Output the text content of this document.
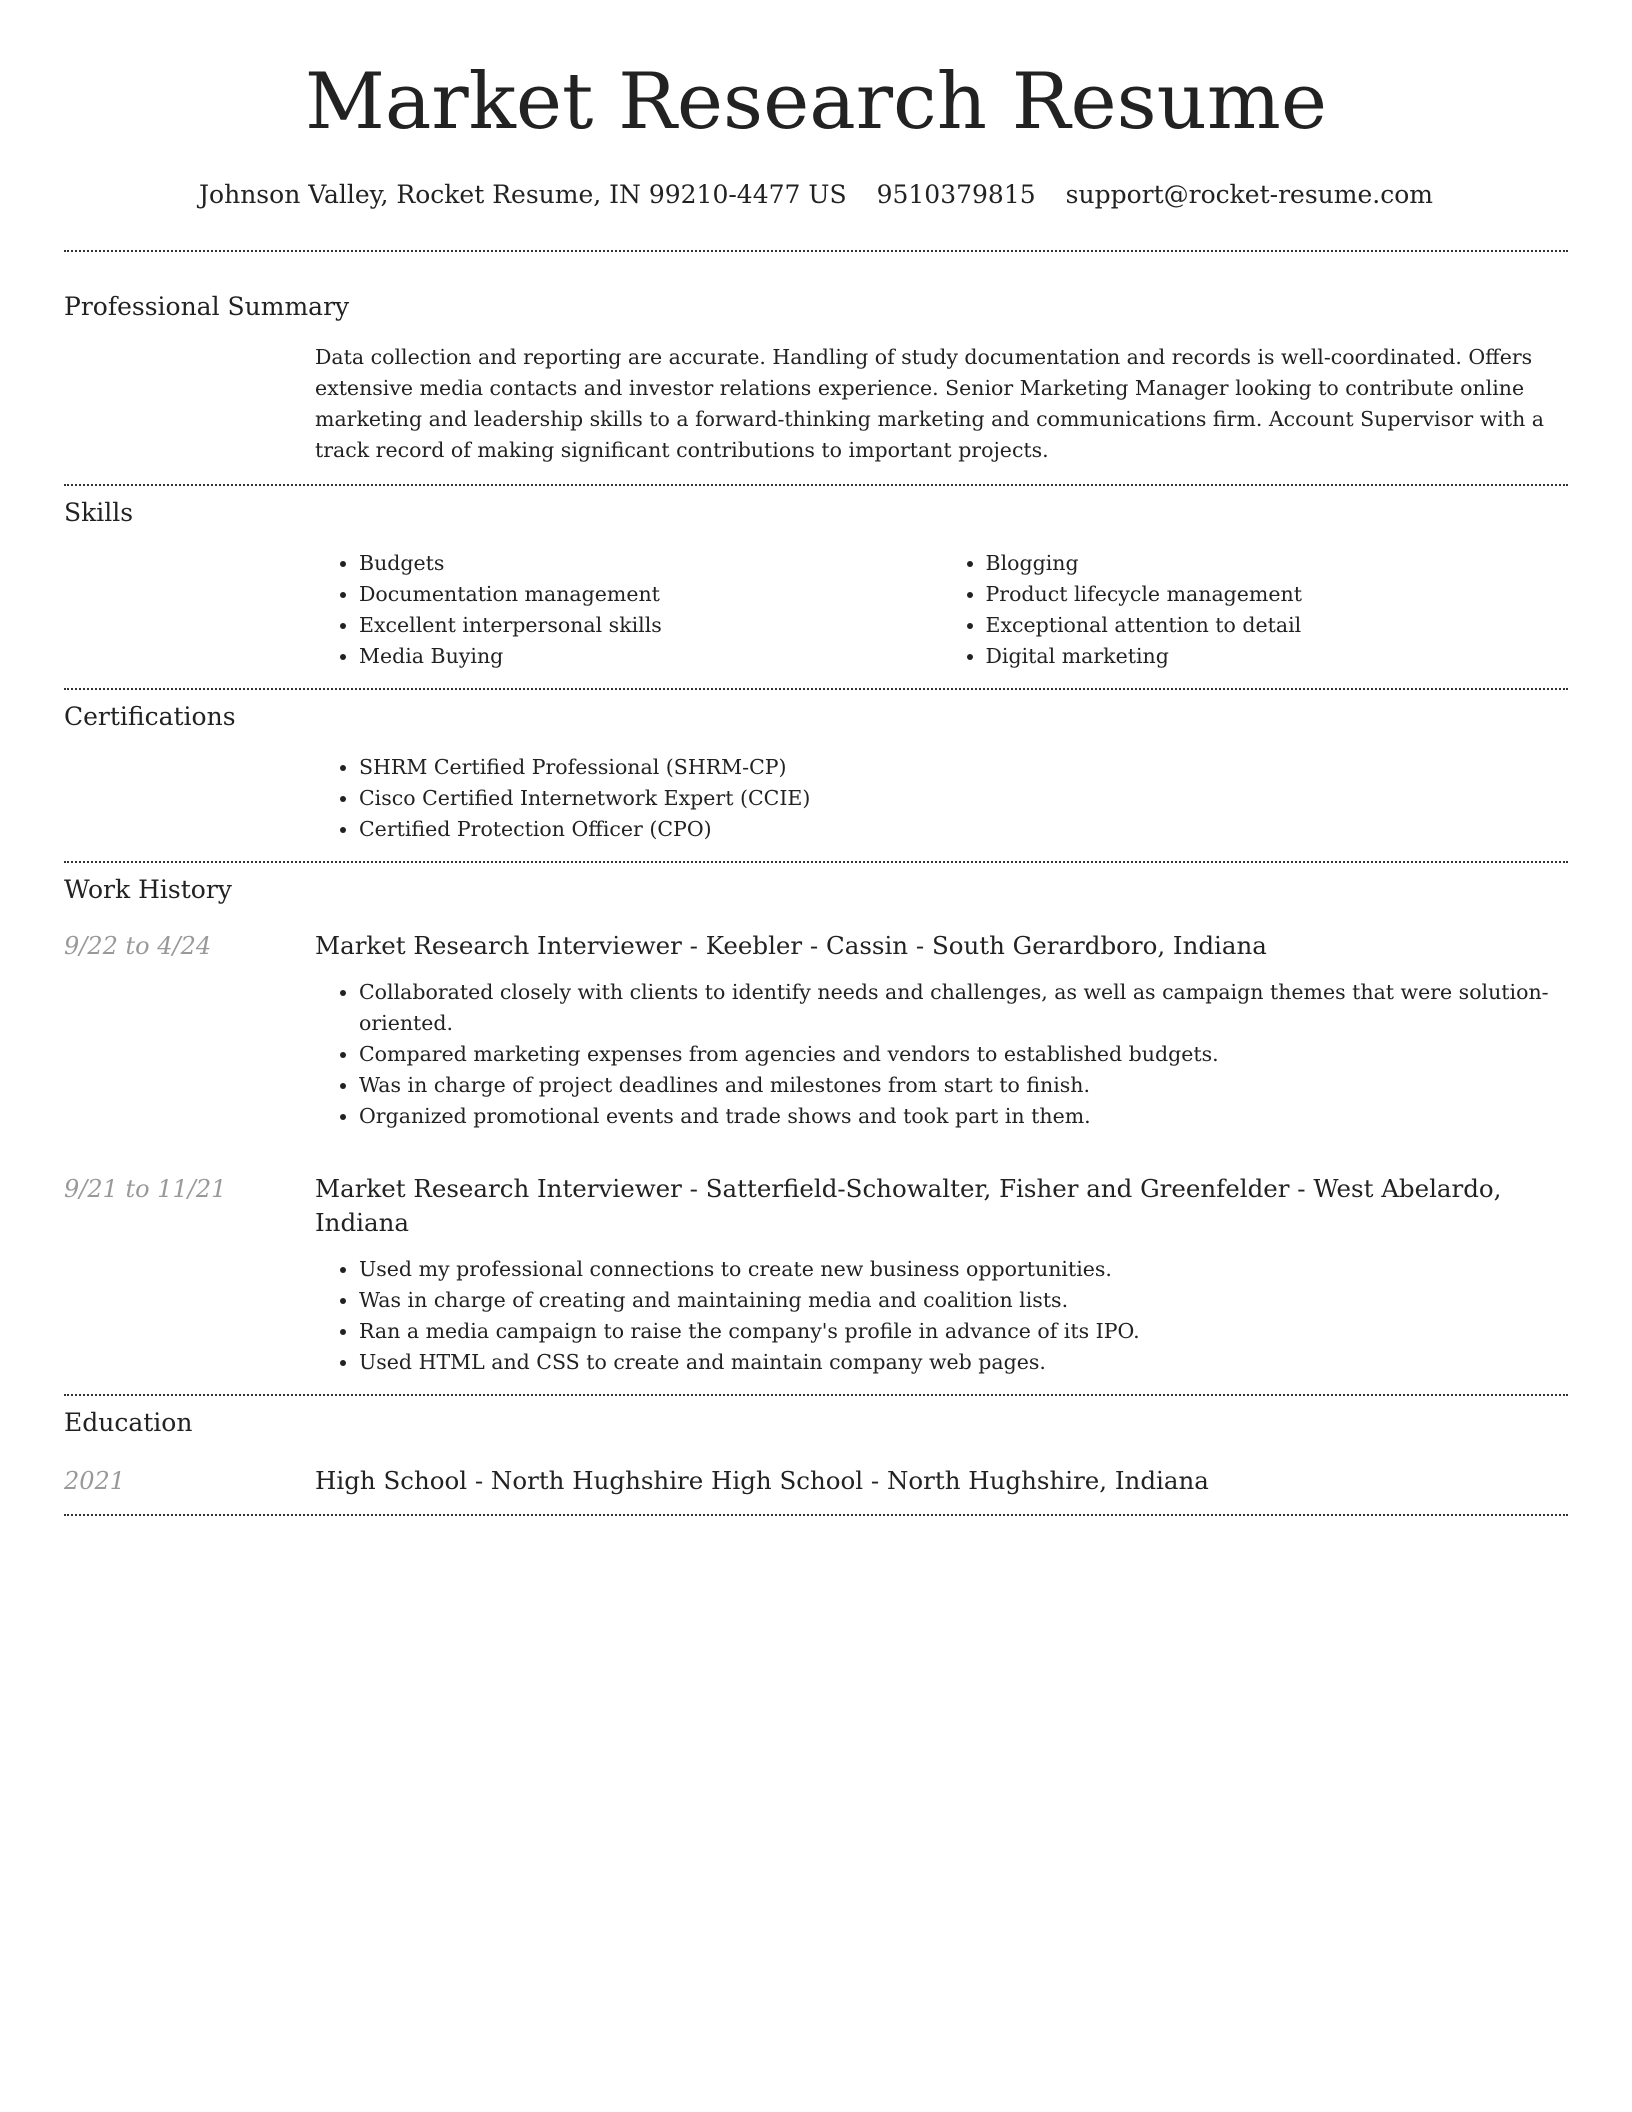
Market Research Resume
Johnson Valley, Rocket Resume, IN 99210-4477 US 9510379815 support@rocket-resume.com
Professional Summary

Data collection and reporting are accurate. Handling of study documentation and records is well-coordinated. Offers extensive media contacts and investor relations experience. Senior Marketing Manager looking to contribute online marketing and leadership skills to a forward-thinking marketing and communications firm. Account Supervisor with a track record of making significant contributions to important projects.

Skills
• Budgets
• Documentation management
• Excellent interpersonal skills
• Media Buying
• Blogging
• Product lifecycle management
• Exceptional attention to detail
• Digital marketing
Certifications
• SHRM Certified Professional (SHRM-CP)
• Cisco Certified Internetwork Expert (CCIE)
• Certified Protection Officer (CPO)
Work History
9/22 to 4/24	Market Research Interviewer - Keebler - Cassin - South Gerardboro, Indiana
• Collaborated closely with clients to identify needs and challenges, as well as campaign themes that were solution-oriented.
• Compared marketing expenses from agencies and vendors to established budgets.
• Was in charge of project deadlines and milestones from start to finish.
• Organized promotional events and trade shows and took part in them.
9/21 to 11/21	Market Research Interviewer - Satterfield-Schowalter, Fisher and Greenfelder - West Abelardo, Indiana
• Used my professional connections to create new business opportunities.
• Was in charge of creating and maintaining media and coalition lists.
• Ran a media campaign to raise the company's profile in advance of its IPO.
• Used HTML and CSS to create and maintain company web pages.
Education
2021	High School - North Hughshire High School - North Hughshire, Indiana
